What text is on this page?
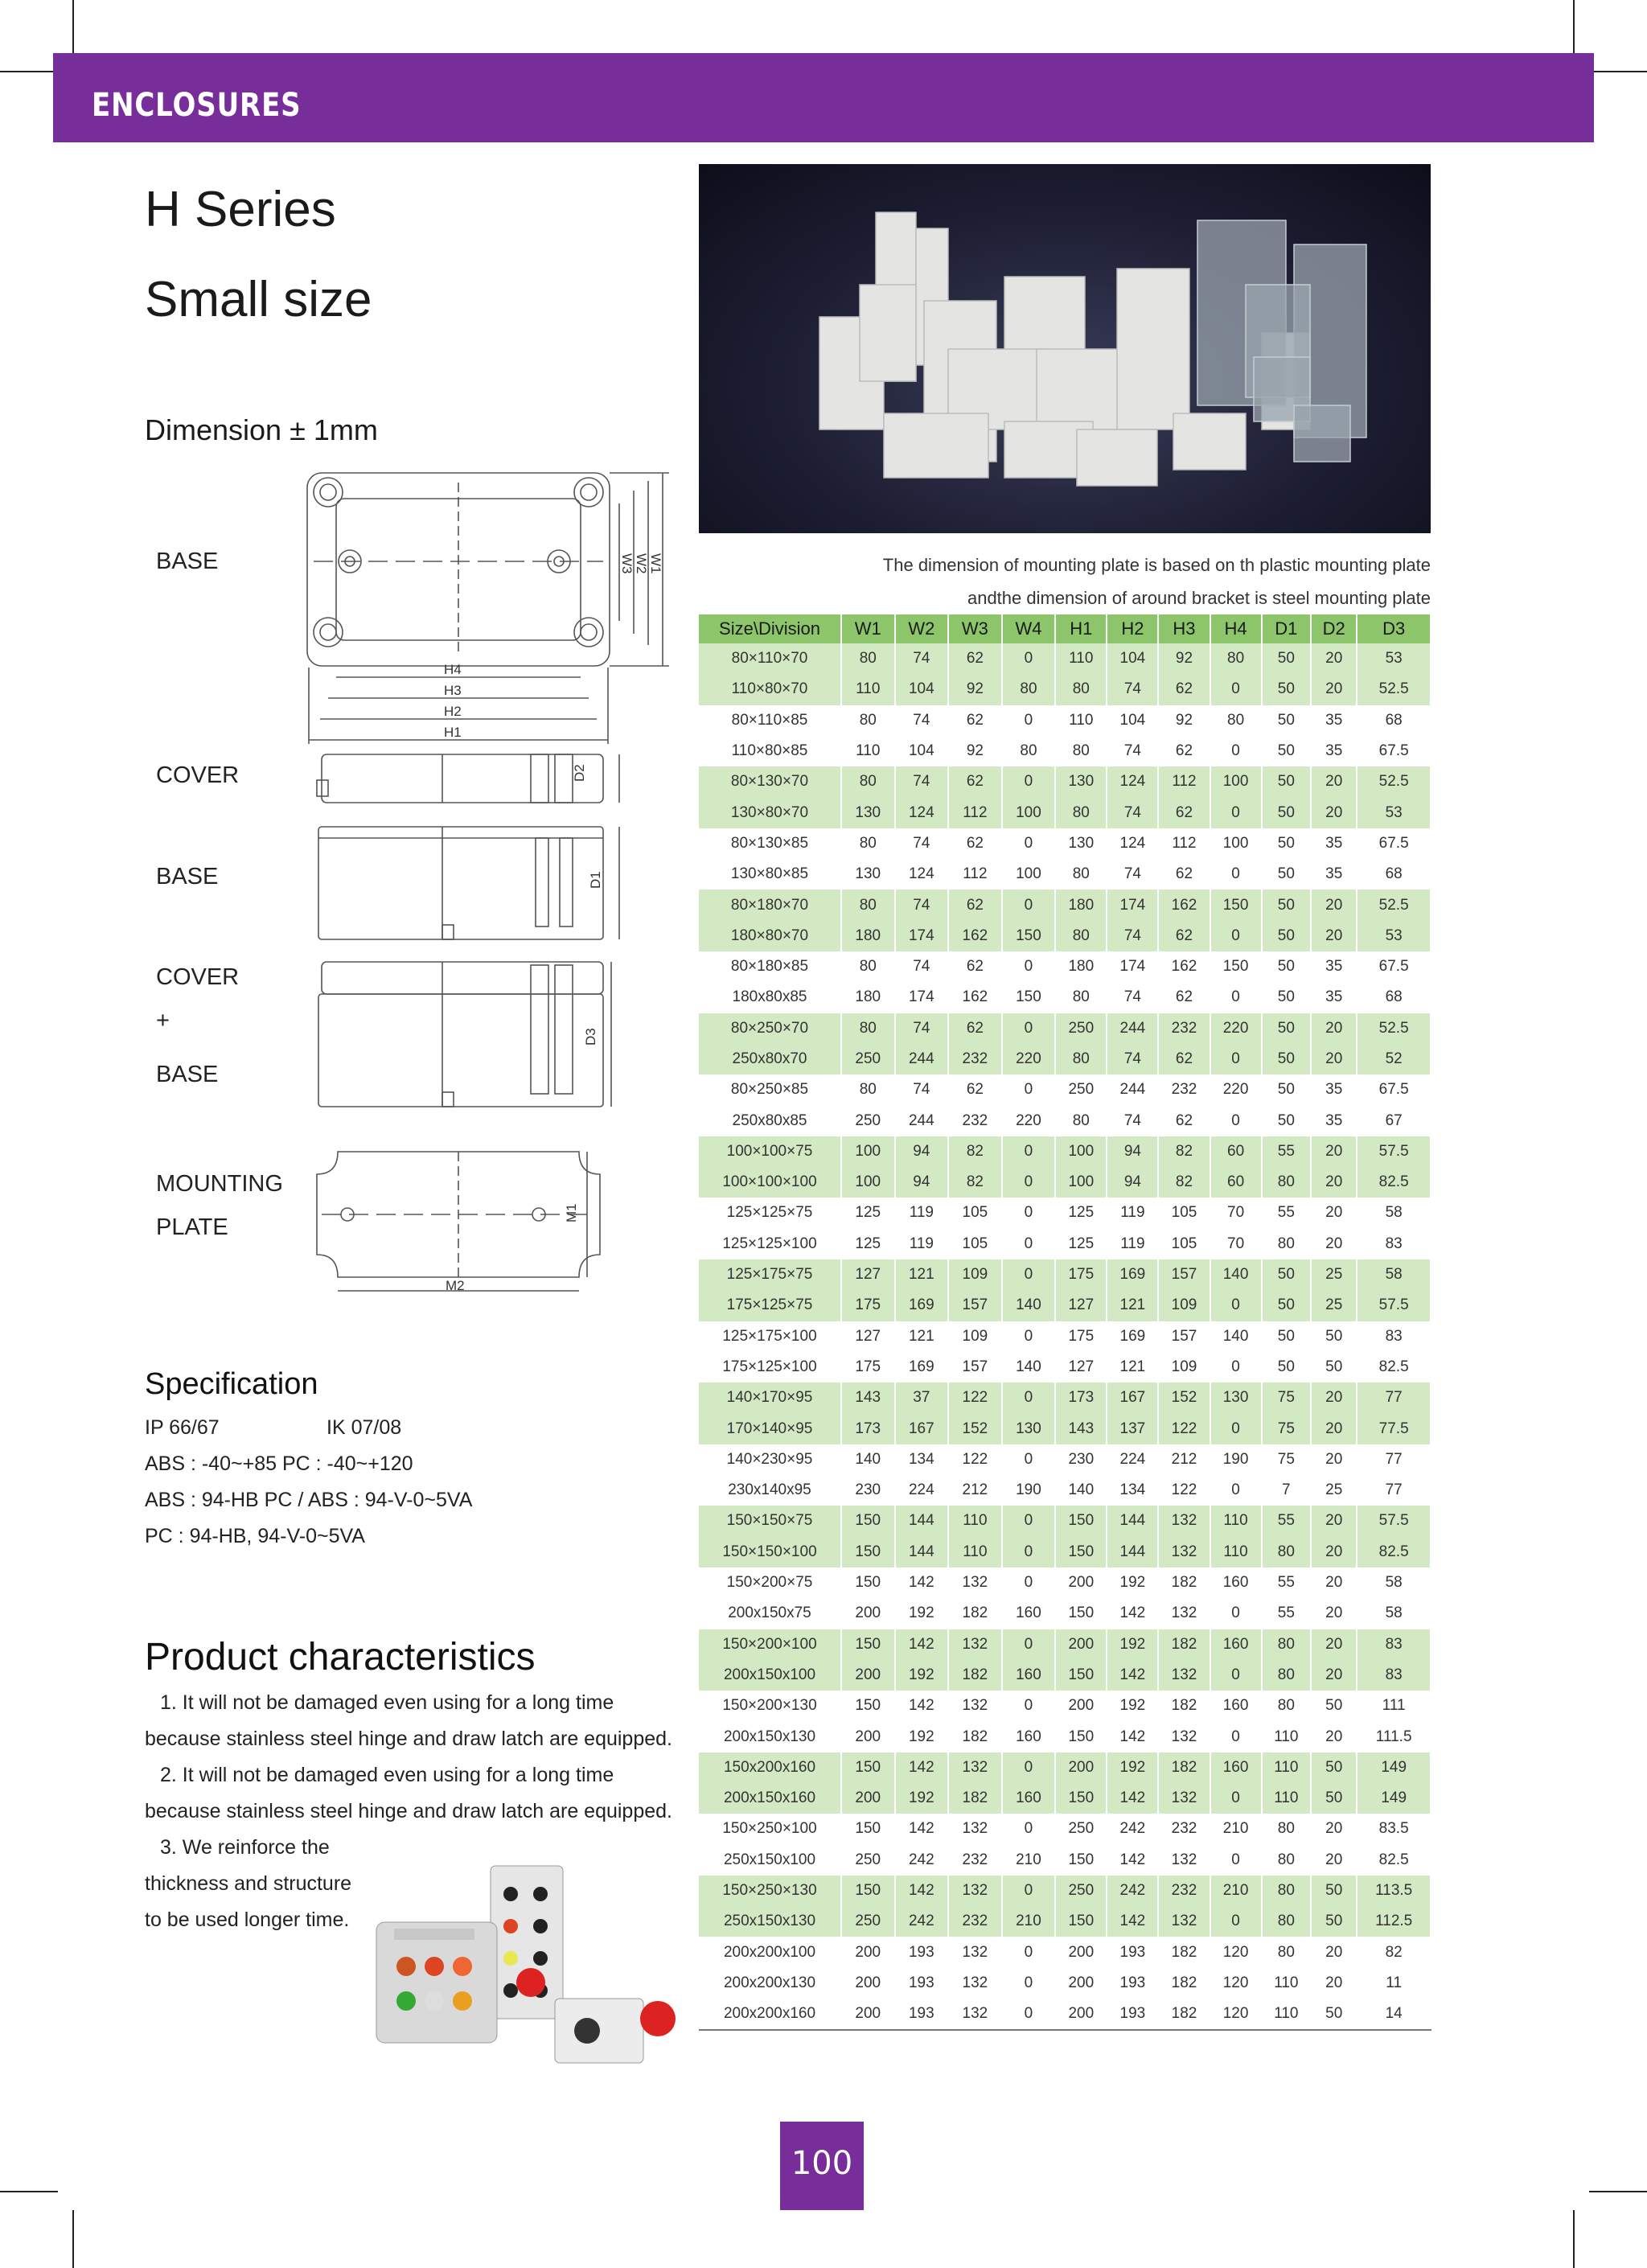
ENCLOSURES
H Series
Small size
Dimension ± 1mm
BASE
COVER
BASE
COVER
+
BASE
MOUNTING
PLATE
H4
H3
H2
H1
W3 W2 W1
D2
D1
D3
M1
M2
Specification
IP 66/67	IK 07/08
ABS : -40~+85 PC : -40~+120
ABS : 94-HB PC / ABS : 94-V-0~5VA
PC : 94-HB, 94-V-0~5VA
Product characteristics
1. It will not be damaged even using for a long time
because stainless steel hinge and draw latch are equipped.
2. It will not be damaged even using for a long time
because stainless steel hinge and draw latch are equipped.
3. We reinforce the
thickness and structure
to be used longer time.
The dimension of mounting plate is based on th plastic mounting plate
andthe dimension of around bracket is steel mounting plate
Size\Division	W1	W2	W3	W4	H1	H2	H3	H4	D1	D2	D3
80×110×70	80	74	62	0	110	104	92	80	50	20	53
110×80×70	110	104	92	80	80	74	62	0	50	20	52.5
80×110×85	80	74	62	0	110	104	92	80	50	35	68
110×80×85	110	104	92	80	80	74	62	0	50	35	67.5
80×130×70	80	74	62	0	130	124	112	100	50	20	52.5
130×80×70	130	124	112	100	80	74	62	0	50	20	53
80×130×85	80	74	62	0	130	124	112	100	50	35	67.5
130×80×85	130	124	112	100	80	74	62	0	50	35	68
80×180×70	80	74	62	0	180	174	162	150	50	20	52.5
180×80×70	180	174	162	150	80	74	62	0	50	20	53
80×180×85	80	74	62	0	180	174	162	150	50	35	67.5
180x80x85	180	174	162	150	80	74	62	0	50	35	68
80×250×70	80	74	62	0	250	244	232	220	50	20	52.5
250x80x70	250	244	232	220	80	74	62	0	50	20	52
80×250×85	80	74	62	0	250	244	232	220	50	35	67.5
250x80x85	250	244	232	220	80	74	62	0	50	35	67
100×100×75	100	94	82	0	100	94	82	60	55	20	57.5
100×100×100	100	94	82	0	100	94	82	60	80	20	82.5
125×125×75	125	119	105	0	125	119	105	70	55	20	58
125×125×100	125	119	105	0	125	119	105	70	80	20	83
125×175×75	127	121	109	0	175	169	157	140	50	25	58
175×125×75	175	169	157	140	127	121	109	0	50	25	57.5
125×175×100	127	121	109	0	175	169	157	140	50	50	83
175×125×100	175	169	157	140	127	121	109	0	50	50	82.5
140×170×95	143	37	122	0	173	167	152	130	75	20	77
170×140×95	173	167	152	130	143	137	122	0	75	20	77.5
140×230×95	140	134	122	0	230	224	212	190	75	20	77
230x140x95	230	224	212	190	140	134	122	0	7	25	77
150×150×75	150	144	110	0	150	144	132	110	55	20	57.5
150×150×100	150	144	110	0	150	144	132	110	80	20	82.5
150×200×75	150	142	132	0	200	192	182	160	55	20	58
200x150x75	200	192	182	160	150	142	132	0	55	20	58
150×200×100	150	142	132	0	200	192	182	160	80	20	83
200x150x100	200	192	182	160	150	142	132	0	80	20	83
150×200×130	150	142	132	0	200	192	182	160	80	50	111
200x150x130	200	192	182	160	150	142	132	0	110	20	111.5
150x200x160	150	142	132	0	200	192	182	160	110	50	149
200x150x160	200	192	182	160	150	142	132	0	110	50	149
150×250×100	150	142	132	0	250	242	232	210	80	20	83.5
250x150x100	250	242	232	210	150	142	132	0	80	20	82.5
150×250×130	150	142	132	0	250	242	232	210	80	50	113.5
250x150x130	250	242	232	210	150	142	132	0	80	50	112.5
200x200x100	200	193	132	0	200	193	182	120	80	20	82
200x200x130	200	193	132	0	200	193	182	120	110	20	11
200x200x160	200	193	132	0	200	193	182	120	110	50	14
100
